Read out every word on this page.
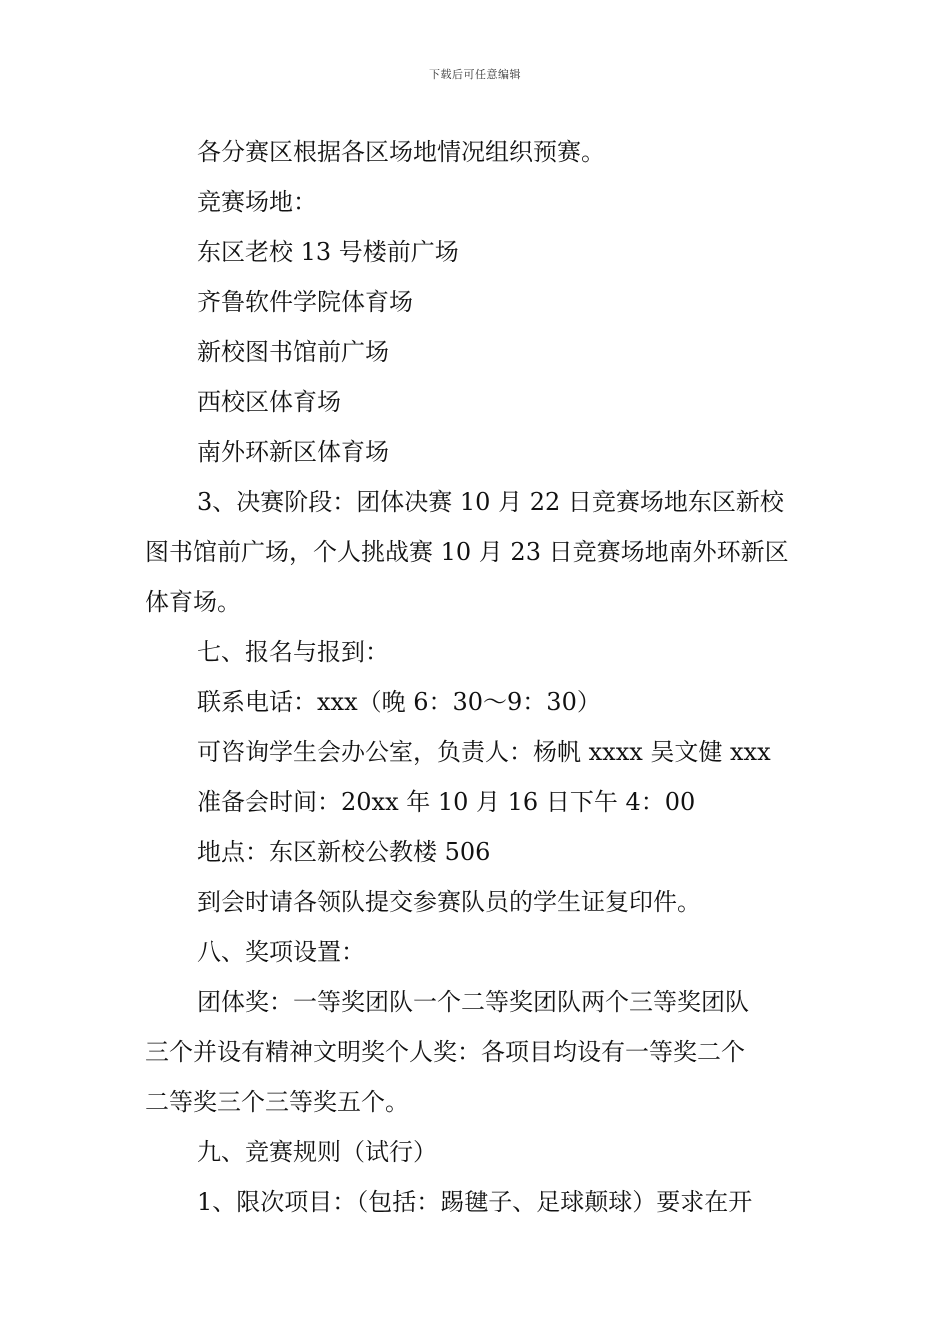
下载后可任意编辑

各分赛区根据各区场地情况组织预赛。

竞赛场地：

东区老校 13 号楼前广场

齐鲁软件学院体育场

新校图书馆前广场

西校区体育场

南外环新区体育场

3、决赛阶段：团体决赛 10 月 22 日竞赛场地东区新校

图书馆前广场，个人挑战赛 10 月 23 日竞赛场地南外环新区

体育场。

七、报名与报到：

联系电话：xxx（晚 6：30～9：30）

可咨询学生会办公室，负责人：杨帆 xxxx 吴文健 xxx

准备会时间：20xx 年 10 月 16 日下午 4：00

地点：东区新校公教楼 506

到会时请各领队提交参赛队员的学生证复印件。

八、奖项设置：

团体奖：一等奖团队一个二等奖团队两个三等奖团队

三个并设有精神文明奖个人奖：各项目均设有一等奖二个

二等奖三个三等奖五个。

九、竞赛规则（试行）

1、限次项目：（包括：踢毽子、足球颠球）要求在开
